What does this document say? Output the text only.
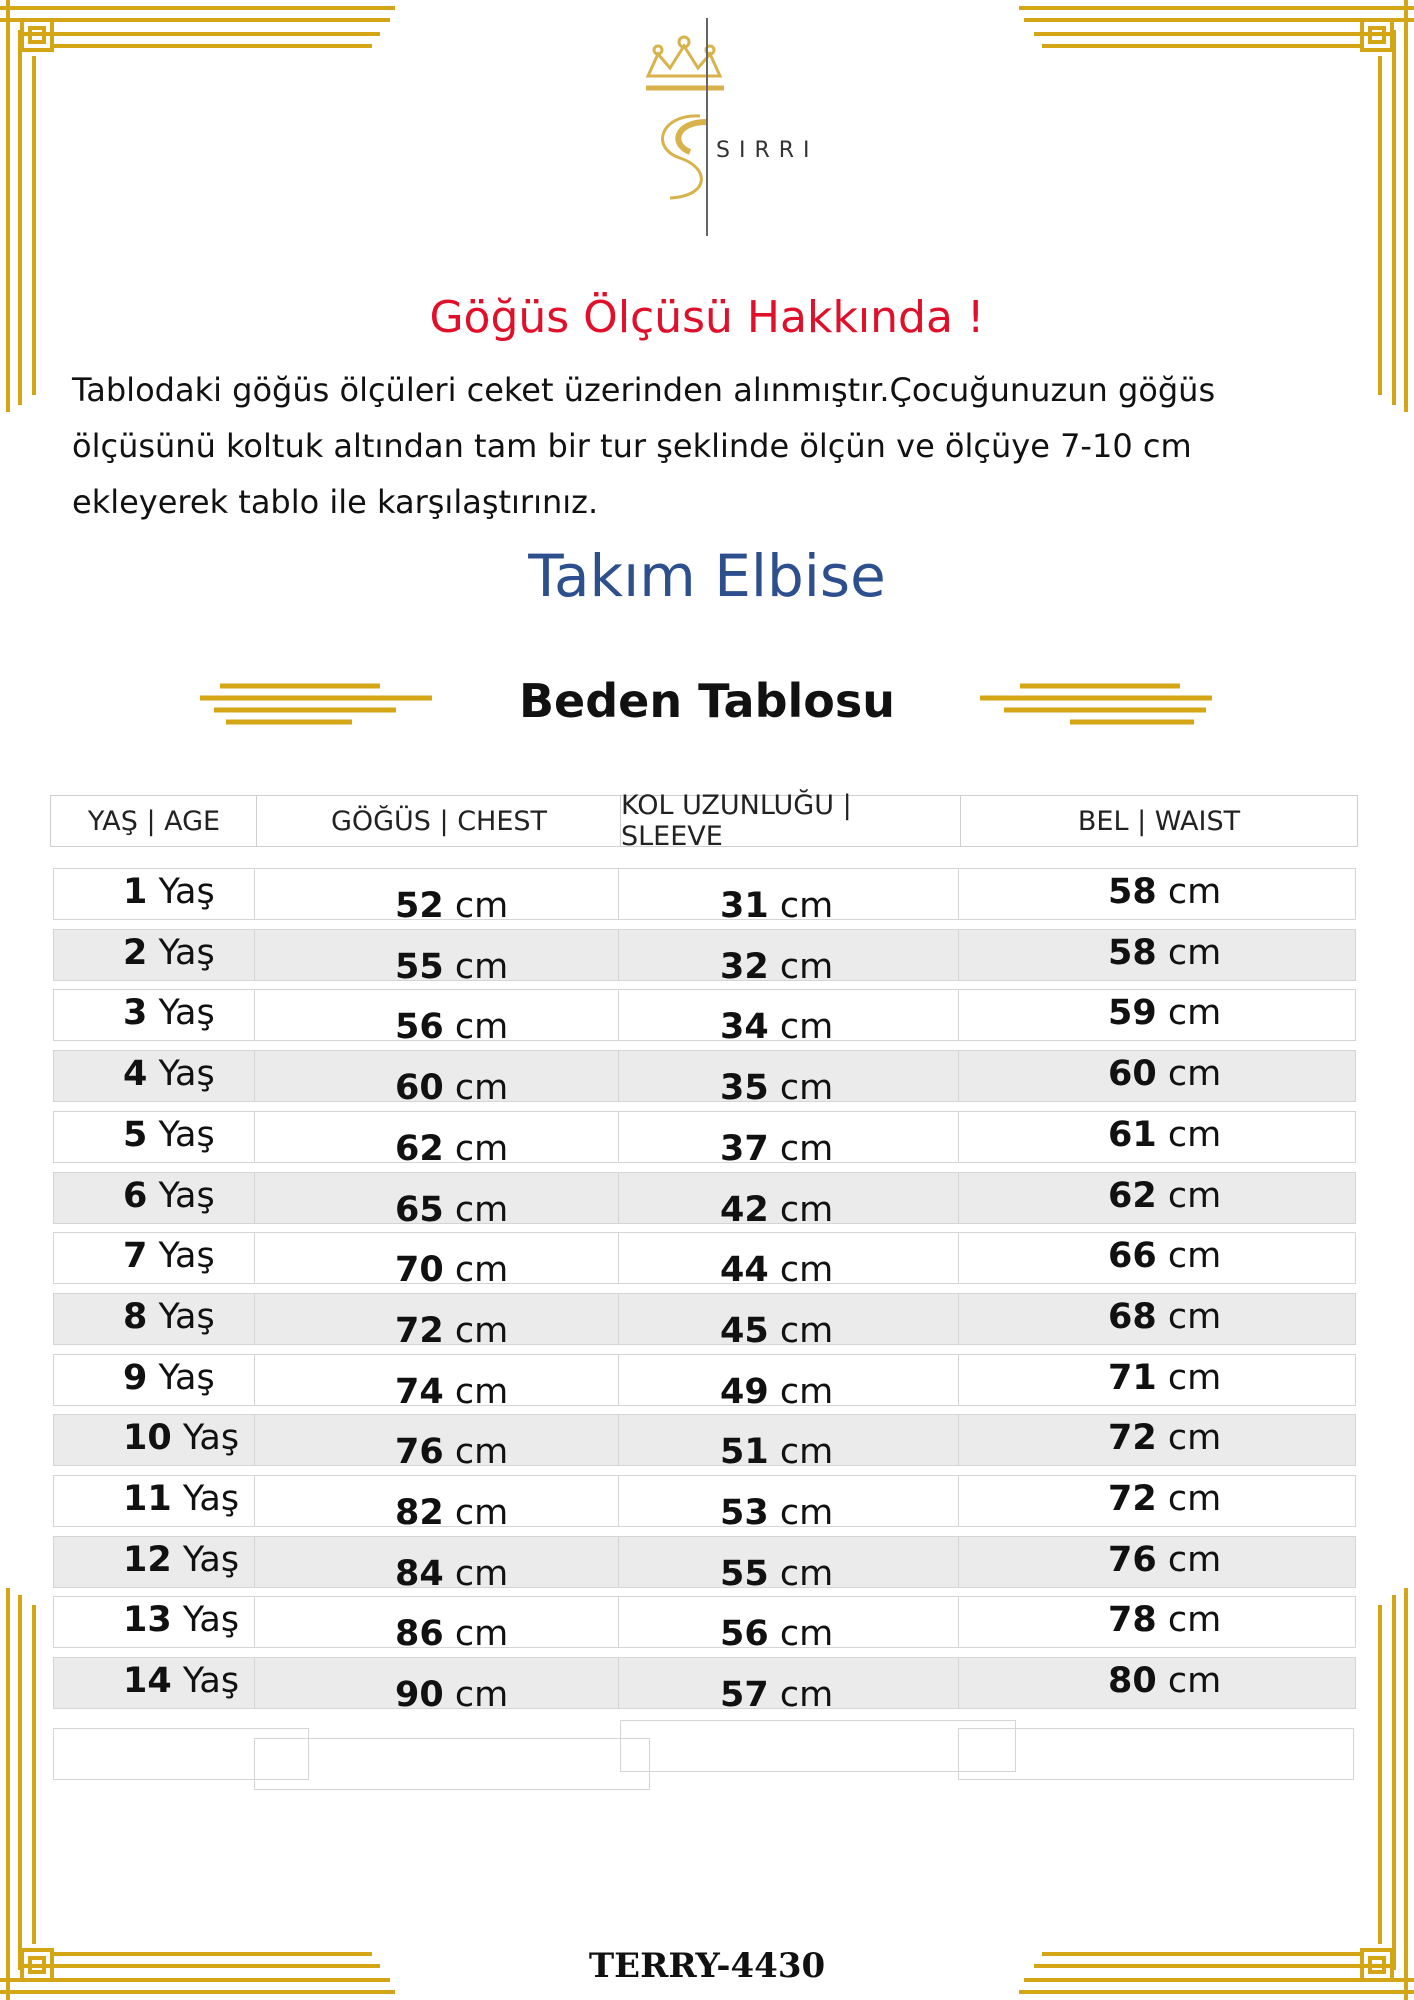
SIRRI
Göğüs Ölçüsü Hakkında !
Tablodaki göğüs ölçüleri ceket üzerinden alınmıştır.Çocuğunuzun göğüs ölçüsünü koltuk altından tam bir tur şeklinde ölçün ve ölçüye 7-10 cm ekleyerek tablo ile karşılaştırınız.
Takım Elbise
Beden Tablosu
YAŞ | AGE	GÖĞÜS | CHEST	KOL UZUNLUĞU | SLEEVE	BEL | WAIST
1 Yaş	52 cm	31 cm	58 cm
2 Yaş	55 cm	32 cm	58 cm
3 Yaş	56 cm	34 cm	59 cm
4 Yaş	60 cm	35 cm	60 cm
5 Yaş	62 cm	37 cm	61 cm
6 Yaş	65 cm	42 cm	62 cm
7 Yaş	70 cm	44 cm	66 cm
8 Yaş	72 cm	45 cm	68 cm
9 Yaş	74 cm	49 cm	71 cm
10 Yaş	76 cm	51 cm	72 cm
11 Yaş	82 cm	53 cm	72 cm
12 Yaş	84 cm	55 cm	76 cm
13 Yaş	86 cm	56 cm	78 cm
14 Yaş	90 cm	57 cm	80 cm
TERRY-4430
